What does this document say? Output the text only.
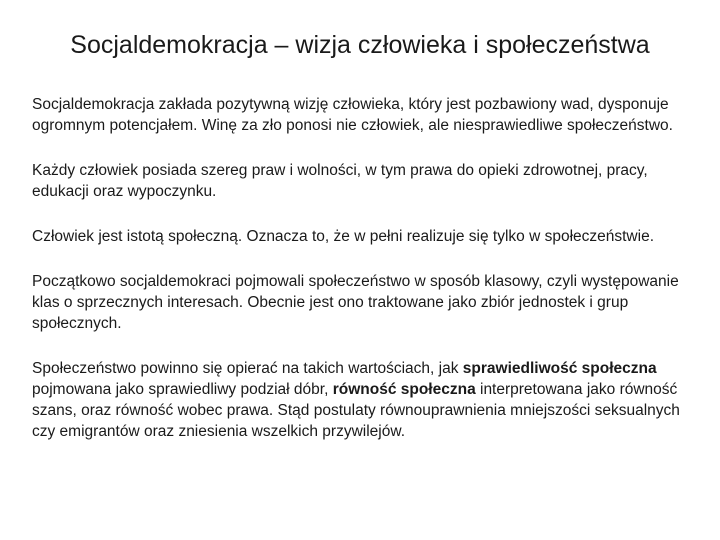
Socjaldemokracja – wizja człowieka i społeczeństwa

Socjaldemokracja zakłada pozytywną wizję człowieka, który jest pozbawiony wad, dysponuje ogromnym potencjałem. Winę za zło ponosi nie człowiek, ale niesprawiedliwe społeczeństwo.

Każdy człowiek posiada szereg praw i wolności, w tym prawa do opieki zdrowotnej, pracy, edukacji oraz wypoczynku.

Człowiek jest istotą społeczną. Oznacza to, że w pełni realizuje się tylko w społeczeństwie.

Początkowo socjaldemokraci pojmowali społeczeństwo w sposób klasowy, czyli występowanie klas o sprzecznych interesach. Obecnie jest ono traktowane jako zbiór jednostek i grup społecznych.

Społeczeństwo powinno się opierać na takich wartościach, jak sprawiedliwość społeczna pojmowana jako sprawiedliwy podział dóbr, równość społeczna interpretowana jako równość szans, oraz równość wobec prawa. Stąd postulaty równouprawnienia mniejszości seksualnych czy emigrantów oraz zniesienia wszelkich przywilejów.
